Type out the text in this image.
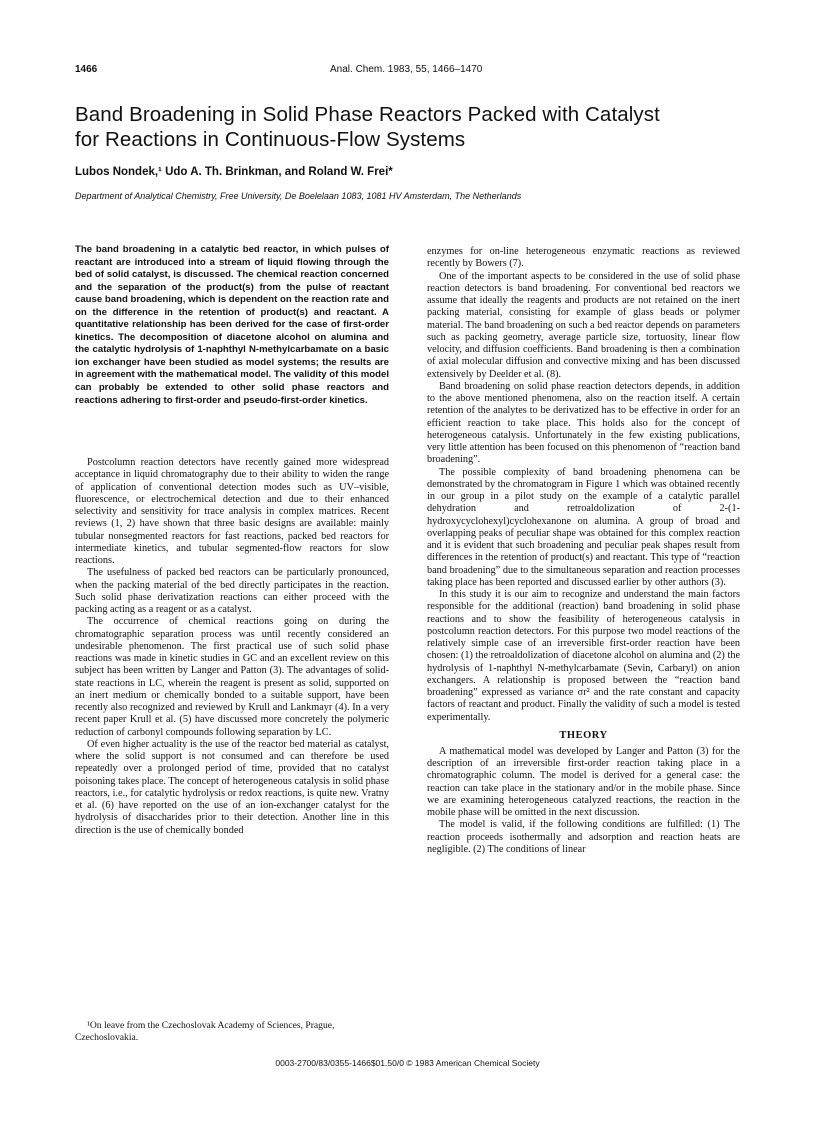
1466	Anal. Chem. 1983, 55, 1466–1470
Band Broadening in Solid Phase Reactors Packed with Catalyst
for Reactions in Continuous-Flow Systems
Lubos Nondek,¹ Udo A. Th. Brinkman, and Roland W. Frei*
Department of Analytical Chemistry, Free University, De Boelelaan 1083, 1081 HV Amsterdam, The Netherlands

The band broadening in a catalytic bed reactor, in which pulses of reactant are introduced into a stream of liquid flowing through the bed of solid catalyst, is discussed. The chemical reaction concerned and the separation of the product(s) from the pulse of reactant cause band broadening, which is dependent on the reaction rate and on the difference in the retention of product(s) and reactant. A quantitative relationship has been derived for the case of first-order kinetics. The decomposition of diacetone alcohol on alumina and the catalytic hydrolysis of 1-naphthyl N-methylcarbamate on a basic ion exchanger have been studied as model systems; the results are in agreement with the mathematical model. The validity of this model can probably be extended to other solid phase reactors and reactions adhering to first-order and pseudo-first-order kinetics.

Postcolumn reaction detectors have recently gained more widespread acceptance in liquid chromatography due to their ability to widen the range of application of conventional detection modes such as UV–visible, fluorescence, or electrochemical detection and due to their enhanced selectivity and sensitivity for trace analysis in complex matrices. Recent reviews (1, 2) have shown that three basic designs are available: mainly tubular nonsegmented reactors for fast reactions, packed bed reactors for intermediate kinetics, and tubular segmented-flow reactors for slow reactions.

The usefulness of packed bed reactors can be particularly pronounced, when the packing material of the bed directly participates in the reaction. Such solid phase derivatization reactions can either proceed with the packing acting as a reagent or as a catalyst.

The occurrence of chemical reactions going on during the chromatographic separation process was until recently considered an undesirable phenomenon. The first practical use of such solid phase reactions was made in kinetic studies in GC and an excellent review on this subject has been written by Langer and Patton (3). The advantages of solid-state reactions in LC, wherein the reagent is present as solid, supported on an inert medium or chemically bonded to a suitable support, have been recently also recognized and reviewed by Krull and Lankmayr (4). In a very recent paper Krull et al. (5) have discussed more concretely the polymeric reduction of carbonyl compounds following separation by LC.

Of even higher actuality is the use of the reactor bed material as catalyst, where the solid support is not consumed and can therefore be used repeatedly over a prolonged period of time, provided that no catalyst poisoning takes place. The concept of heterogeneous catalysis in solid phase reactors, i.e., for catalytic hydrolysis or redox reactions, is quite new. Vratny et al. (6) have reported on the use of an ion-exchanger catalyst for the hydrolysis of disaccharides prior to their detection. Another line in this direction is the use of chemically bonded

¹On leave from the Czechoslovak Academy of Sciences, Prague,
Czechoslovakia.

enzymes for on-line heterogeneous enzymatic reactions as reviewed recently by Bowers (7).

One of the important aspects to be considered in the use of solid phase reaction detectors is band broadening. For conventional bed reactors we assume that ideally the reagents and products are not retained on the inert packing material, consisting for example of glass beads or polymer material. The band broadening on such a bed reactor depends on parameters such as packing geometry, average particle size, tortuosity, linear flow velocity, and diffusion coefficients. Band broadening is then a combination of axial molecular diffusion and convective mixing and has been discussed extensively by Deelder et al. (8).

Band broadening on solid phase reaction detectors depends, in addition to the above mentioned phenomena, also on the reaction itself. A certain retention of the analytes to be derivatized has to be effective in order for an efficient reaction to take place. This holds also for the concept of heterogeneous catalysis. Unfortunately in the few existing publications, very little attention has been focused on this phenomenon of “reaction band broadening”.

The possible complexity of band broadening phenomena can be demonstrated by the chromatogram in Figure 1 which was obtained recently in our group in a pilot study on the example of a catalytic parallel dehydration and retroaldolization of 2-(1-hydroxycyclohexyl)cyclohexanone on alumina. A group of broad and overlapping peaks of peculiar shape was obtained for this complex reaction and it is evident that such broadening and peculiar peak shapes result from differences in the retention of product(s) and reactant. This type of “reaction band broadening” due to the simultaneous separation and reaction processes taking place has been reported and discussed earlier by other authors (3).

In this study it is our aim to recognize and understand the main factors responsible for the additional (reaction) band broadening in solid phase reactions and to show the feasibility of heterogeneous catalysis in postcolumn reaction detectors. For this purpose two model reactions of the relatively simple case of an irreversible first-order reaction have been chosen: (1) the retroaldolization of diacetone alcohol on alumina and (2) the hydrolysis of 1-naphthyl N-methylcarbamate (Sevin, Carbaryl) on anion exchangers. A relationship is proposed between the “reaction band broadening” expressed as variance σr² and the rate constant and capacity factors of reactant and product. Finally the validity of such a model is tested experimentally.

THEORY

A mathematical model was developed by Langer and Patton (3) for the description of an irreversible first-order reaction taking place in a chromatographic column. The model is derived for a general case: the reaction can take place in the stationary and/or in the mobile phase. Since we are examining heterogeneous catalyzed reactions, the reaction in the mobile phase will be omitted in the next discussion.

The model is valid, if the following conditions are fulfilled: (1) The reaction proceeds isothermally and adsorption and reaction heats are negligible. (2) The conditions of linear

0003-2700/83/0355-1466$01.50/0 © 1983 American Chemical Society
